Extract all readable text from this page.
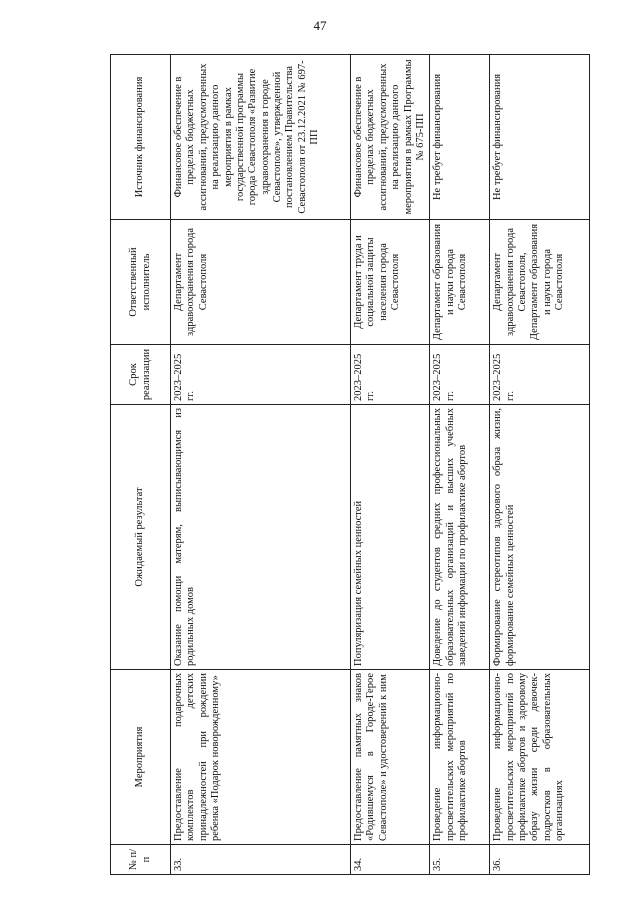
47
№ п/п	Мероприятия	Ожидаемый результат	Срок реализации	Ответственный исполнитель	Источник финансирования
33.	Предоставление подарочных комплектов детских принадлежностей при рождении ребенка «Подарок новорожденному»	Оказание помощи матерям, выписывающимся из родильных домов	2023–2025 гг.	Департамент здравоохранения города Севастополя	Финансовое обеспечение в пределах бюджетных ассигнований, предусмотренных на реализацию данного мероприятия в рамках государственной программы города Севастополя «Развитие здравоохранения в городе Севастополе», утвержденной постановлением Правительства Севастополя от 23.12.2021 № 697-ПП
34.	Предоставление памятных знаков «Родившемуся в Городе-Герое Севастополе» и удостоверений к ним	Популяризация семейных ценностей	2023–2025 гг.	Департамент труда и социальной защиты населения города Севастополя	Финансовое обеспечение в пределах бюджетных ассигнований, предусмотренных на реализацию данного мероприятия в рамках Программы № 675-ПП
35.	Проведение информационно-просветительских мероприятий по профилактике абортов	Доведение до студентов средних профессиональных образовательных организаций и высших учебных заведений информации по профилактике абортов	2023–2025 гг.	Департамент образования и науки города Севастополя	Не требует финансирования
36.	Проведение информационно-просветительских мероприятий по профилактике абортов и здоровому образу жизни среди девочек-подростков в образовательных организациях	Формирование стереотипов здорового образа жизни, формирование семейных ценностей	2023–2025 гг.	Департамент здравоохранения города Севастополя, Департамент образования и науки города Севастополя	Не требует финансирования
